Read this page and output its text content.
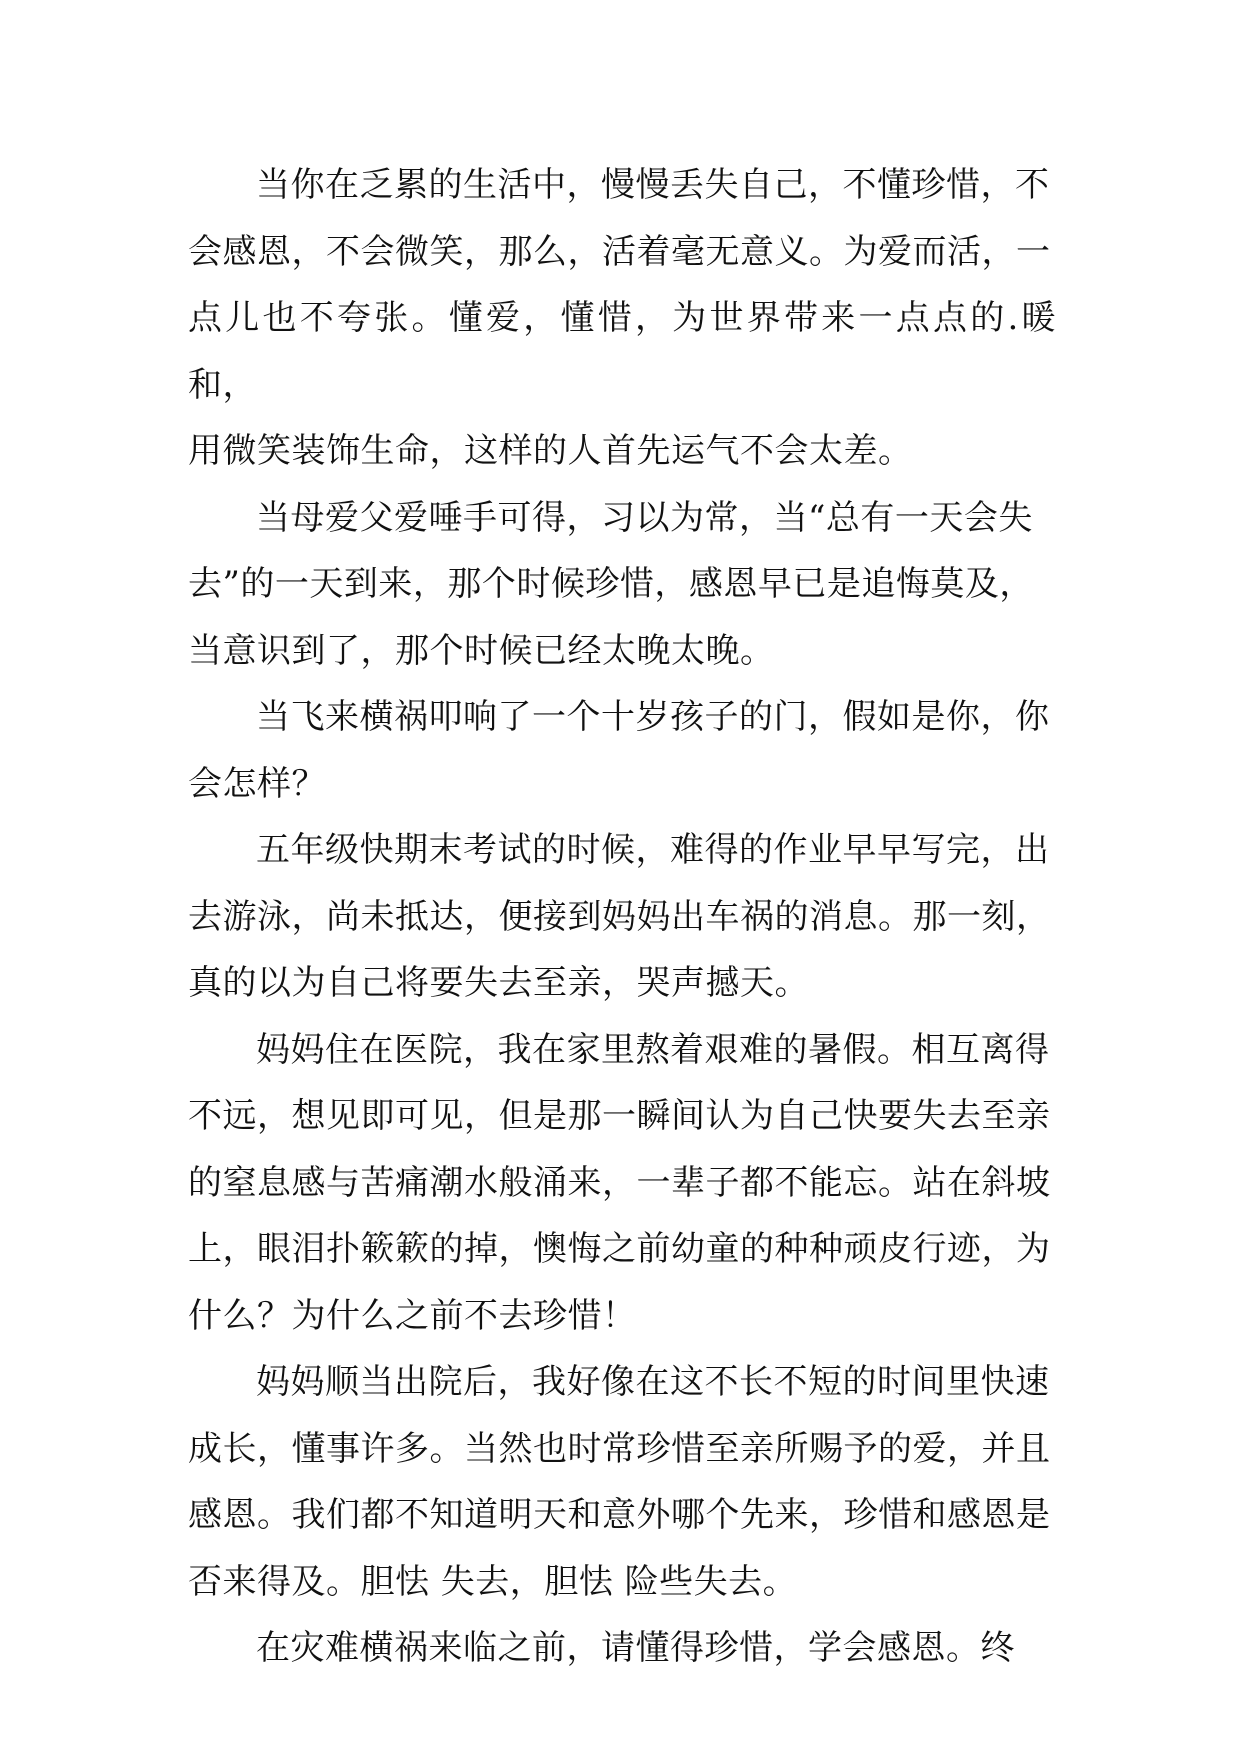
当你在乏累的生活中，慢慢丢失自己，不懂珍惜，不
会感恩，不会微笑，那么，活着毫无意义。为爱而活，一
点儿也不夸张。懂爱，懂惜，为世界带来一点点的.暖和，
用微笑装饰生命，这样的人首先运气不会太差。

当母爱父爱唾手可得，习以为常，当“总有一天会失
去”的一天到来，那个时候珍惜，感恩早已是追悔莫及，
当意识到了，那个时候已经太晚太晚。

当飞来横祸叩响了一个十岁孩子的门，假如是你，你
会怎样？

五年级快期末考试的时候，难得的作业早早写完，出
去游泳，尚未抵达，便接到妈妈出车祸的消息。那一刻，
真的以为自己将要失去至亲，哭声撼天。

妈妈住在医院，我在家里熬着艰难的暑假。相互离得
不远，想见即可见，但是那一瞬间认为自己快要失去至亲
的窒息感与苦痛潮水般涌来，一辈子都不能忘。站在斜坡
上，眼泪扑簌簌的掉，懊悔之前幼童的种种顽皮行迹，为
什么？为什么之前不去珍惜！

妈妈顺当出院后，我好像在这不长不短的时间里快速
成长，懂事许多。当然也时常珍惜至亲所赐予的爱，并且
感恩。我们都不知道明天和意外哪个先来，珍惜和感恩是
否来得及。胆怯 失去，胆怯 险些失去。

在灾难横祸来临之前，请懂得珍惜，学会感恩。终
